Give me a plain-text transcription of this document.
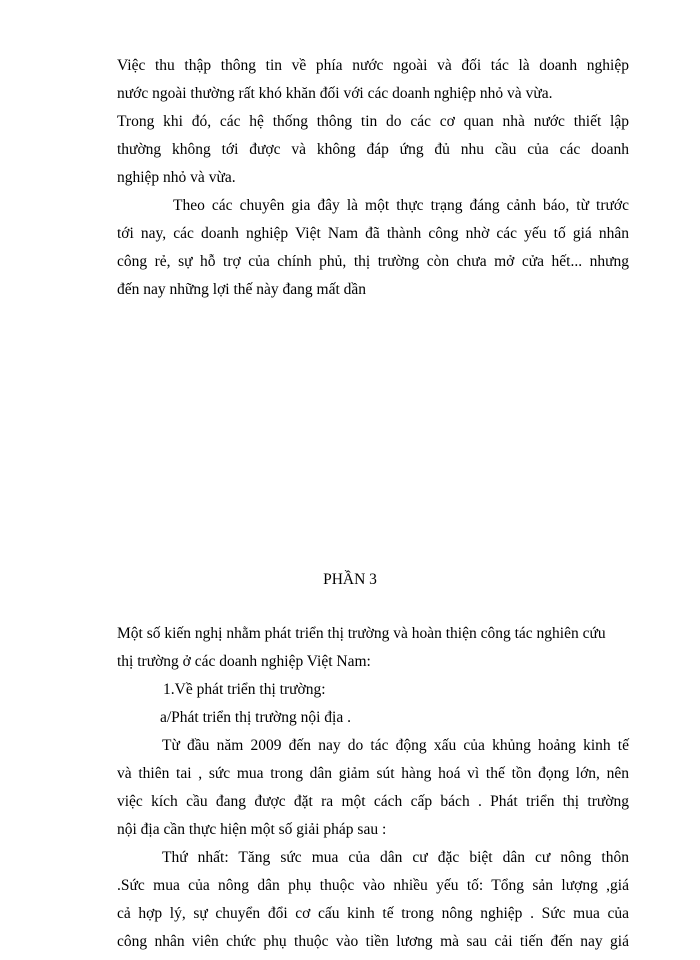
Việc thu thập thông tin về phía nước ngoài và đối tác là doanh nghiệp
nước ngoài thường rất khó khăn đối với các doanh nghiệp nhỏ và vừa.
Trong khi đó, các hệ thống thông tin do các cơ quan nhà nước thiết lập
thường không tới được và không đáp ứng đủ nhu cầu của các doanh
nghiệp nhỏ và vừa.
Theo các chuyên gia đây là một thực trạng đáng cảnh báo, từ trước
tới nay, các doanh nghiệp Việt Nam đã thành công nhờ các yếu tố giá nhân
công rẻ, sự hỗ trợ của chính phủ, thị trường còn chưa mở cửa hết... nhưng
đến nay những lợi thế này đang mất dần
PHẦN 3
Một số kiến nghị nhằm phát triển thị trường và hoàn thiện công tác nghiên cứu
thị trường ở các doanh nghiệp Việt Nam:
1.Về phát triển thị trường:
a/Phát triển thị trường nội địa .
Từ đầu năm 2009 đến nay do tác động xấu của khủng hoảng kinh tế
và thiên tai , sức mua trong dân giảm sút hàng hoá vì thế tồn đọng lớn, nên
việc kích cầu đang được đặt ra một cách cấp bách . Phát triển thị trường
nội địa cần thực hiện một số giải pháp sau :
Thứ nhất: Tăng sức mua của dân cư đặc biệt dân cư nông thôn
.Sức mua của nông dân phụ thuộc vào nhiều yếu tố: Tổng sản lượng ,giá
cả hợp lý, sự chuyển đổi cơ cấu kinh tế trong nông nghiệp . Sức mua của
công nhân viên chức phụ thuộc vào tiền lương mà sau cải tiến đến nay giá
